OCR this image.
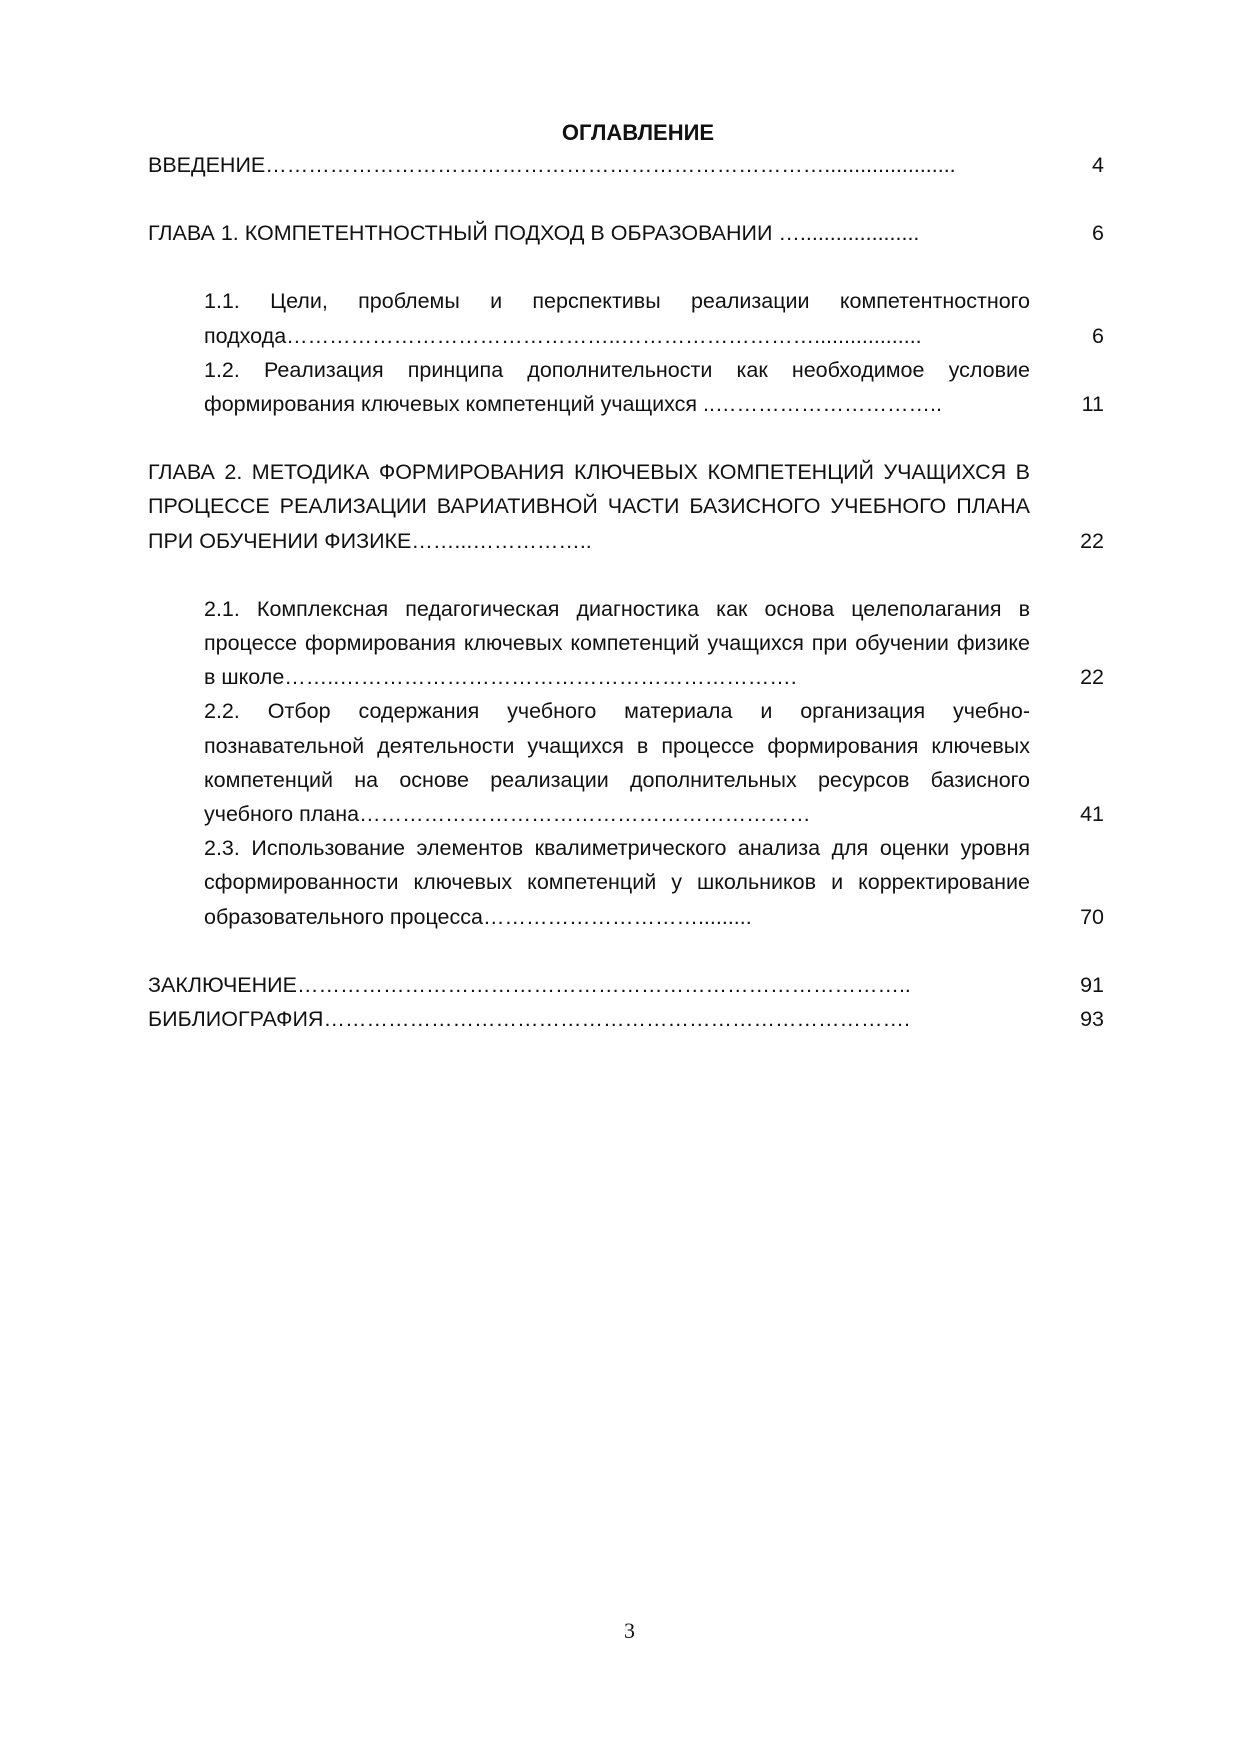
ОГЛАВЛЕНИЕ
ВВЕДЕНИЕ……………………………………………………………………......................	4
ГЛАВА 1. КОМПЕТЕНТНОСТНЫЙ ПОДХОД В ОБРАЗОВАНИИ …....................	6
1.1. Цели, проблемы и перспективы реализации компетентностного подхода………………………………………..………………………..................	6
1.2. Реализация принципа дополнительности как необходимое условие формирования ключевых компетенций учащихся ..…………………………..	11
ГЛАВА 2. МЕТОДИКА ФОРМИРОВАНИЯ КЛЮЧЕВЫХ КОМПЕТЕНЦИЙ УЧАЩИХСЯ В ПРОЦЕССЕ РЕАЛИЗАЦИИ ВАРИАТИВНОЙ ЧАСТИ БАЗИСНОГО УЧЕБНОГО ПЛАНА ПРИ ОБУЧЕНИИ ФИЗИКЕ……...……………..	22
2.1. Комплексная педагогическая диагностика как основа целеполагания в процессе формирования ключевых компетенций учащихся при обучении физике в школе……..……………………………………………………….	22
2.2. Отбор содержания учебного материала и организация учебно-познавательной деятельности учащихся в процессе формирования ключевых компетенций на основе реализации дополнительных ресурсов базисного учебного плана………………………………………………………	41
2.3. Использование элементов квалиметрического анализа для оценки уровня сформированности ключевых компетенций у школьников и корректирование образовательного процесса………………………….........	70
ЗАКЛЮЧЕНИЕ…………………………………………………………………………..	91
БИБЛИОГРАФИЯ……………………………………………………………………….	93
3
